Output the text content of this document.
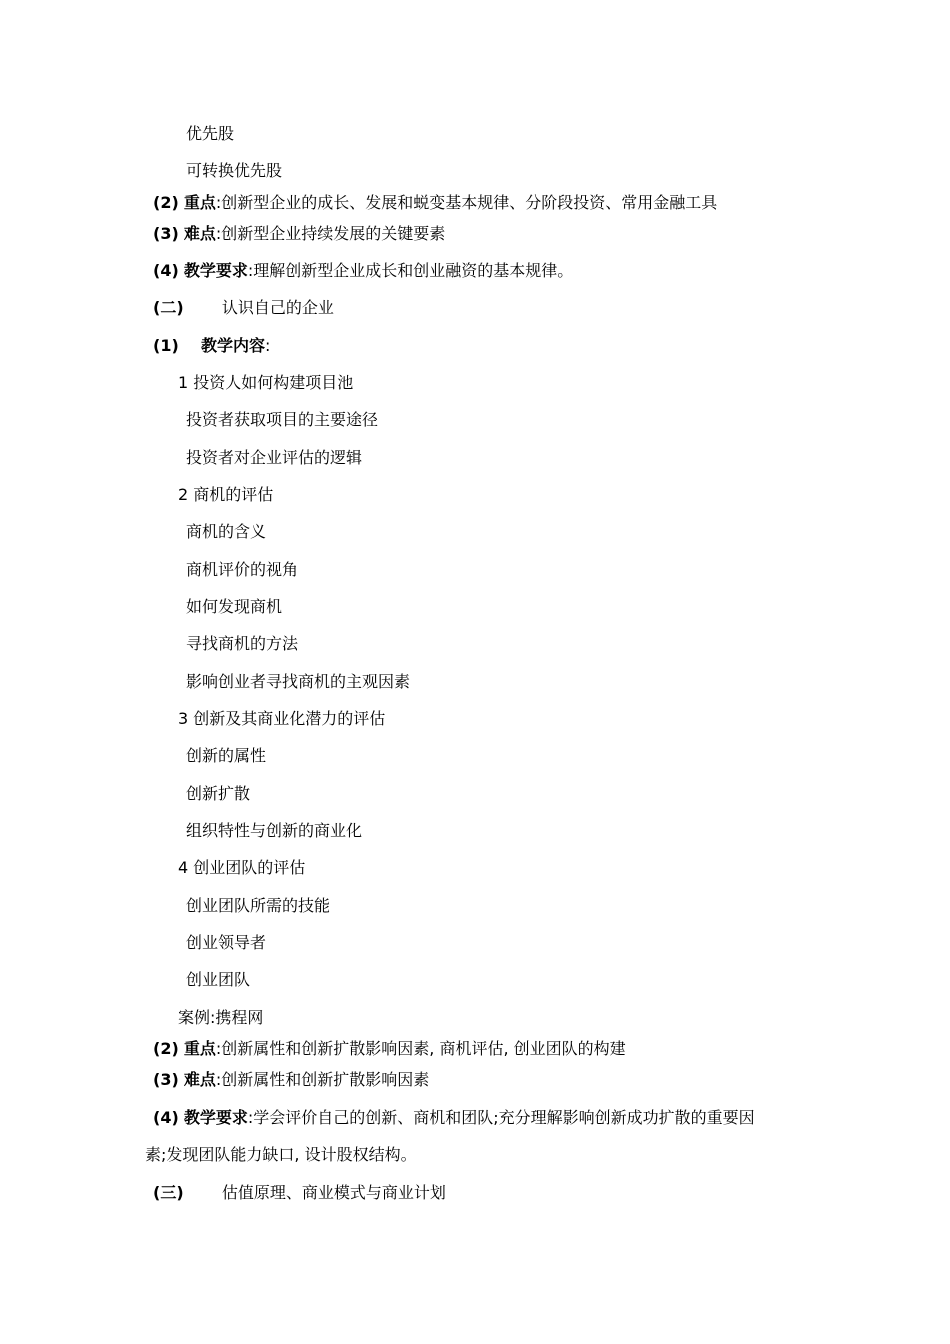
优先股
可转换优先股
(2) 重点:创新型企业的成长、发展和蜕变基本规律、分阶段投资、常用金融工具
(3) 难点:创新型企业持续发展的关键要素
(4) 教学要求:理解创新型企业成长和创业融资的基本规律。
(二) 认识自己的企业
(1) 教学内容:
1 投资人如何构建项目池
投资者获取项目的主要途径
投资者对企业评估的逻辑
2 商机的评估
商机的含义
商机评价的视角
如何发现商机
寻找商机的方法
影响创业者寻找商机的主观因素
3 创新及其商业化潜力的评估
创新的属性
创新扩散
组织特性与创新的商业化
4 创业团队的评估
创业团队所需的技能
创业领导者
创业团队
案例:携程网
(2) 重点:创新属性和创新扩散影响因素, 商机评估, 创业团队的构建
(3) 难点:创新属性和创新扩散影响因素
(4) 教学要求:学会评价自己的创新、商机和团队;充分理解影响创新成功扩散的重要因
素;发现团队能力缺口, 设计股权结构。
(三) 估值原理、商业模式与商业计划
